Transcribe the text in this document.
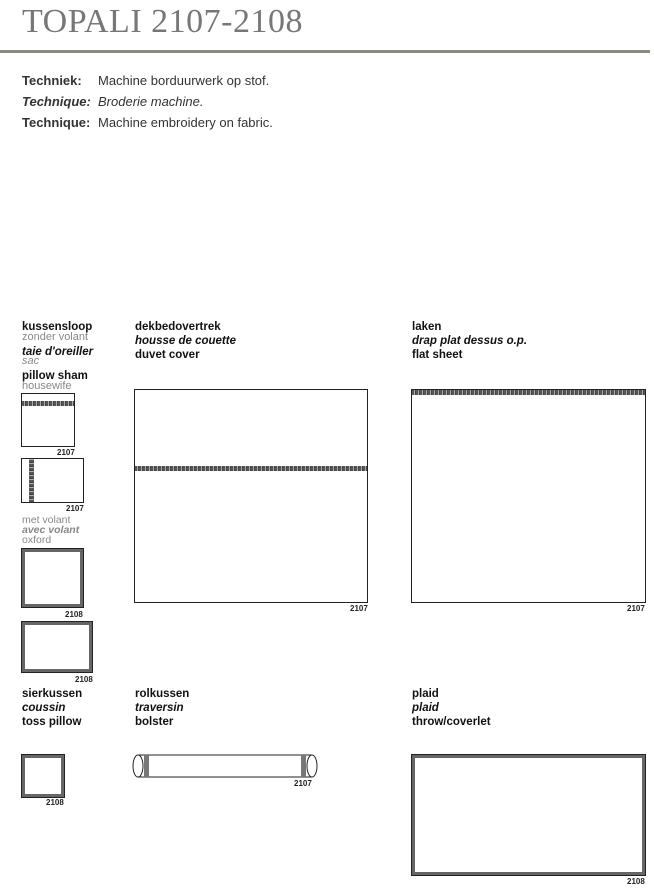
TOPALI 2107-2108
Techniek: Machine borduurwerk op stof.
Technique: Broderie machine.
Technique: Machine embroidery on fabric.
kussensloop
zonder volant
taie d'oreiller
sac
pillow sham
housewife
2107
2107
met volant
avec volant
oxford
2108
2108
dekbedovertrek
housse de couette
duvet cover
2107
laken
drap plat dessus o.p.
flat sheet
2107
sierkussen
coussin
toss pillow
2108
rolkussen
traversin
bolster
2107
plaid
plaid
throw/coverlet
2108
